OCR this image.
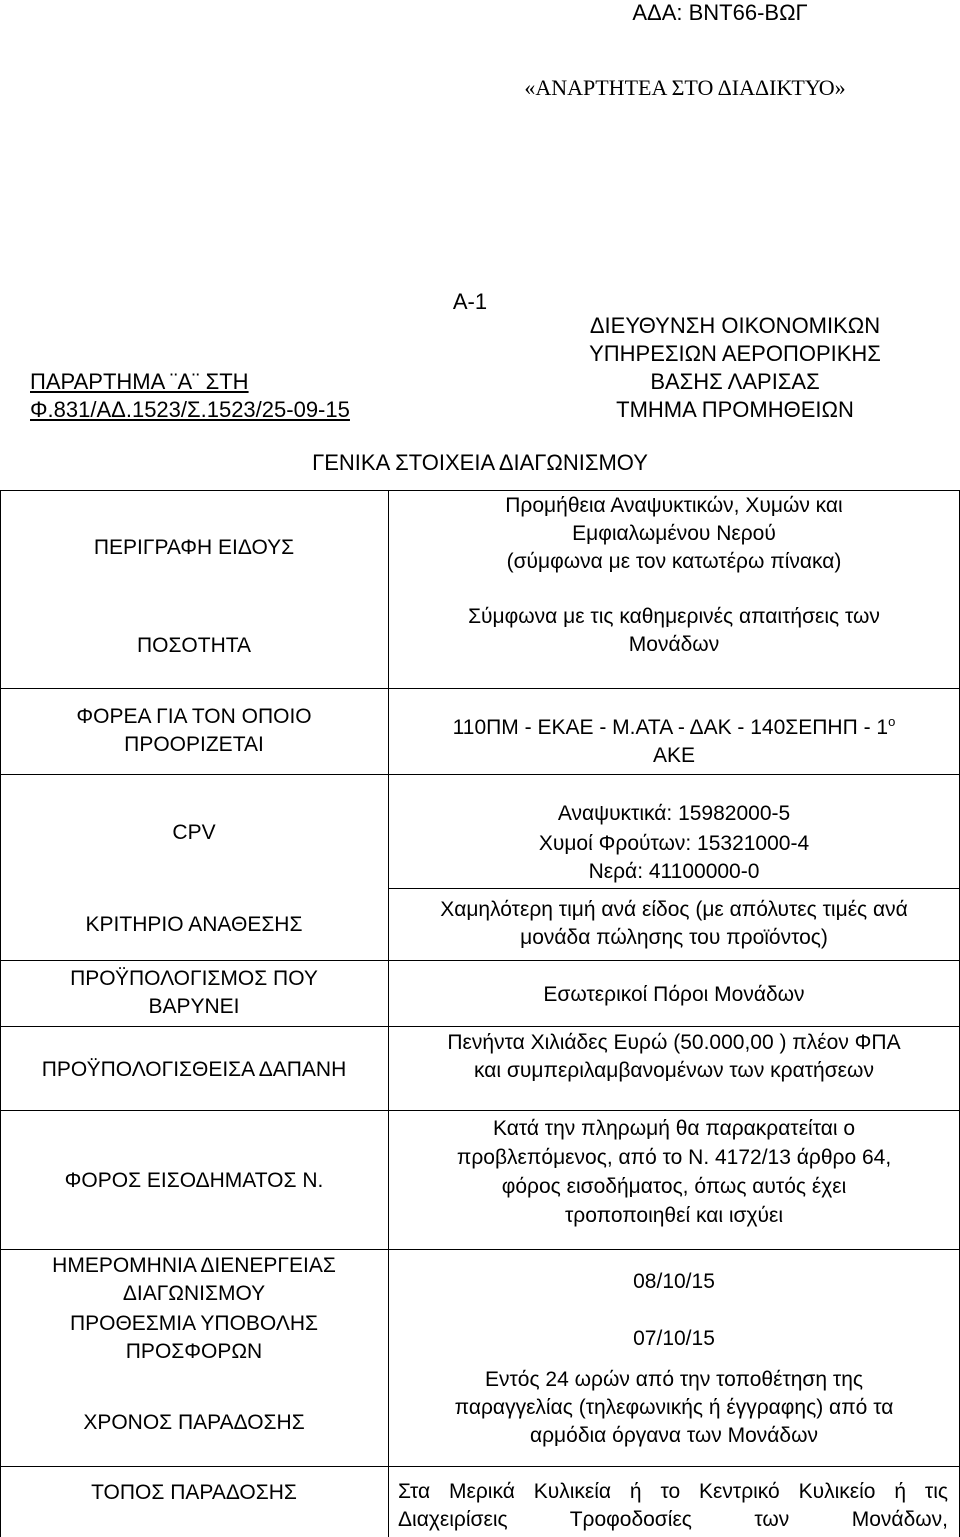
ΑΔΑ: ΒΝΤ66-ΒΩΓ
«ΑΝΑΡΤΗΤΕΑ ΣΤΟ ΔΙΑΔΙΚΤΥΟ»
Α-1
ΠΑΡΑΡΤΗΜΑ ¨Α¨ ΣΤΗ
Φ.831/ΑΔ.1523/Σ.1523/25-09-15
ΔΙΕΥΘΥΝΣΗ ΟΙΚΟΝΟΜΙΚΩΝ
ΥΠΗΡΕΣΙΩΝ ΑΕΡΟΠΟΡΙΚΗΣ
ΒΑΣΗΣ ΛΑΡΙΣΑΣ
ΤΜΗΜΑ ΠΡΟΜΗΘΕΙΩΝ
ΓΕΝΙΚΑ ΣΤΟΙΧΕΙΑ ΔΙΑΓΩΝΙΣΜΟΥ
ΠΕΡΙΓΡΑΦΗ ΕΙΔΟΥΣ
Προμήθεια Αναψυκτικών, Χυμών και
Εμφιαλωμένου Νερού
(σύμφωνα με τον κατωτέρω πίνακα)
ΠΟΣΟΤΗΤΑ
Σύμφωνα με τις καθημερινές απαιτήσεις των
Μονάδων
ΦΟΡΕΑ ΓΙΑ ΤΟΝ ΟΠΟΙΟ
ΠΡΟΟΡΙΖΕΤΑΙ
110ΠΜ - ΕΚΑΕ - Μ.ΑΤΑ - ΔΑΚ - $140\Sigma E\Pi H\Pi - 1^o$
ΑΚΕ
CPV
Αναψυκτικά: 15982000-5
Χυμοί Φρούτων: 15321000-4
Νερά: 41100000-0
ΚΡΙΤΗΡΙΟ ΑΝΑΘΕΣΗΣ
Χαμηλότερη τιμή ανά είδος (με απόλυτες τιμές ανά
μονάδα πώλησης του προϊόντος)
ΠΡΟΫΠΟΛΟΓΙΣΜΟΣ ΠΟΥ
ΒΑΡΥΝΕΙ
Εσωτερικοί Πόροι Μονάδων
ΠΡΟΫΠΟΛΟΓΙΣΘΕΙΣΑ ΔΑΠΑΝΗ
Πενήντα Χιλιάδες Ευρώ (50.000,00 ) πλέον ΦΠΑ
και συμπεριλαμβανομένων των κρατήσεων
ΦΟΡΟΣ ΕΙΣΟΔΗΜΑΤΟΣ Ν.
Κατά την πληρωμή θα παρακρατείται ο
προβλεπόμενος, από το Ν. 4172/13 άρθρο 64,
φόρος εισοδήματος, όπως αυτός έχει
τροποποιηθεί και ισχύει
ΗΜΕΡΟΜΗΝΙΑ ΔΙΕΝΕΡΓΕΙΑΣ
ΔΙΑΓΩΝΙΣΜΟΥ
08/10/15
ΠΡΟΘΕΣΜΙΑ ΥΠΟΒΟΛΗΣ
ΠΡΟΣΦΟΡΩΝ
07/10/15
ΧΡΟΝΟΣ ΠΑΡΑΔΟΣΗΣ
Εντός 24 ωρών από την τοποθέτηση της
παραγγελίας (τηλεφωνικής ή έγγραφης) από τα
αρμόδια όργανα των Μονάδων
ΤΟΠΟΣ ΠΑΡΑΔΟΣΗΣ	Στα Μερικά Κυλικεία ή το Κεντρικό Κυλικείο ή τις
Διαχειρίσεις Τροφοδοσίες των Μονάδων,
